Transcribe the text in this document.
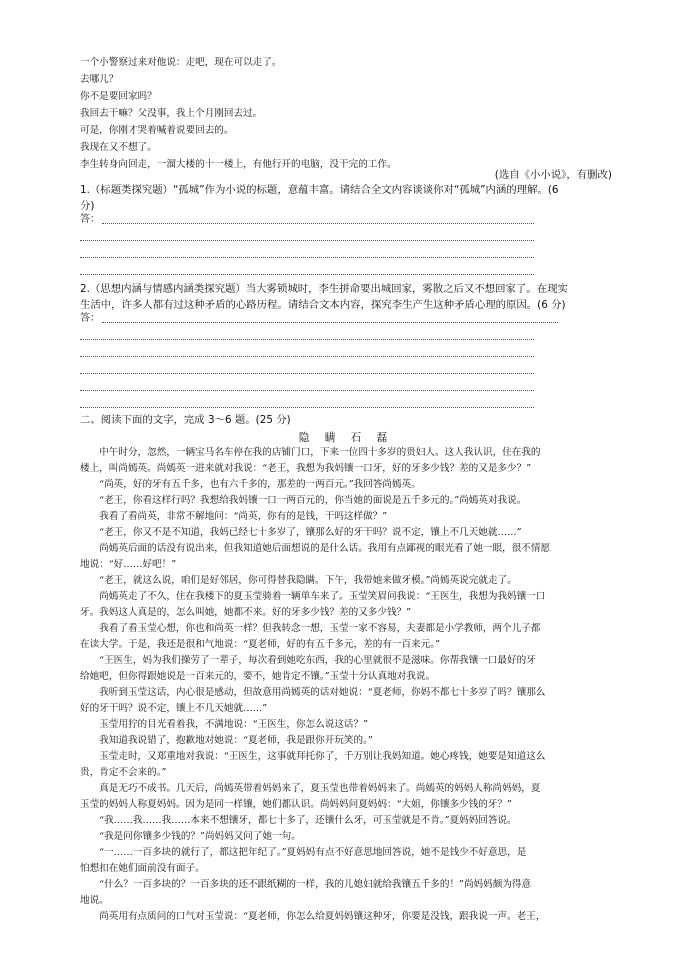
一个小警察过来对他说：走吧，现在可以走了。
去哪儿？
你不是要回家吗？
我回去干嘛？父没事，我上个月刚回去过。
可是，你刚才哭着喊着说要回去的。
我现在又不想了。
李生转身向回走，一溜大楼的十一楼上，有他行开的电脑，没干完的工作。
(选自《小小说》，有删改)
1.（标题类探究题）“孤城”作为小说的标题，意蕴丰富。请结合全文内容谈谈你对“孤城”内涵的理解。(6
分)
答：
2.（思想内涵与情感内涵类探究题）当大雾锁城时，李生拼命要出城回家，雾散之后又不想回家了。在现实
生活中，许多人都有过这种矛盾的心路历程。请结合文本内容，探究李生产生这种矛盾心理的原因。(6 分)
答：
二、阅读下面的文字，完成 3～6 题。(25 分)
隐 瞒 石 磊
　　中午时分，忽然，一辆宝马名车停在我的店铺门口，下来一位四十多岁的贵妇人。这人我认识，住在我的
楼上，叫尚嫣英。尚嫣英一进来就对我说：“老王，我想为我妈镶一口牙，好的牙多少钱？差的又是多少？”
　　“尚英，好的牙有五千多，也有六千多的，那差的一两百元。”我回答尚嫣英。
　　“老王，你看这样行吗？我想给我妈镶一口一两百元的，你当她的面说是五千多元的。”尚嫣英对我说。
　　我看了看尚英，非常不解地问：“尚英，你有的是钱，干吗这样做？”
　　“老王，你又不是不知道，我妈已经七十多岁了，镶那么好的牙干吗？说不定，镶上不几天她就……”
　　尚嫣英后面的话没有说出来，但我知道她后面想说的是什么话。我用有点鄙视的眼光看了她一眼，很不情愿
地说：“好……好吧！”
　　“老王，就这么说，咱们是好邻居，你可得替我隐瞒。下午，我带她来做牙模。”尚嫣英说完就走了。
　　尚嫣英走了不久，住在我楼下的夏玉莹骑着一辆单车来了。玉莹笑眉问我说：“王医生，我想为我妈镶一口
牙。我妈这人真是的，怎么叫她，她都不来。好的牙多少钱？差的又多少钱？”
　　我看了看玉莹心想，你也和尚英一样？但我转念一想，玉莹一家不容易，夫妻都是小学教师，两个儿子都
在读大学。于是，我还是很和气地说：“夏老师，好的有五千多元，差的有一百来元。”
　　“王医生，妈为我们操劳了一辈子，每次看到她吃东西，我的心里就很不是滋味。你帮我镶一口最好的牙
给她吧，但你得跟她说是一百来元的，要不，她肯定不镶。”玉莹十分认真地对我说。
　　我听到玉莹这话，内心很是感动，但故意用尚嫣英的话对她说：“夏老师，你妈不都七十多岁了吗？镶那么
好的牙干吗？说不定，镶上不几天她就……”
　　玉莹用狞的目光看着我，不满地说：“王医生，你怎么说这话？”
　　我知道我说错了，抱歉地对她说：“夏老师，我是跟你开玩笑的。”
　　玉莹走时，又郑重地对我说：“王医生，这事就拜托你了，千万别让我妈知道。她心疼钱，她要是知道这么
贵，肯定不会来的。”
　　真是无巧不成书。几天后，尚嫣英带着妈妈来了，夏玉莹也带着妈妈来了。尚嫣英的妈妈人称尚妈妈，夏
玉莹的妈妈人称夏妈妈。因为是同一样镶，她们都认识。尚妈妈问夏妈妈：“大姐，你镶多少钱的牙？”
　　“我……我……我……本来不想镶牙，都七十多了，还镶什么牙，可玉莹就是不肯。”夏妈妈回答说。
　　“我是问你镶多少钱的？”尚妈妈又问了她一句。
　　“一……一百多块的就行了，都这把年纪了。”夏妈妈有点不好意思地回答说，她不是钱少不好意思，是
怕想扣在她们面前没有面子。
　　“什么？一百多块的？一百多块的还不跟纸糊的一样，我的儿媳妇就给我镶五千多的！”尚妈妈颇为得意
地说。
　　尚英用有点质问的口气对玉莹说：“夏老师，你怎么给夏妈妈镶这种牙，你要是没钱，跟我说一声。老王，
